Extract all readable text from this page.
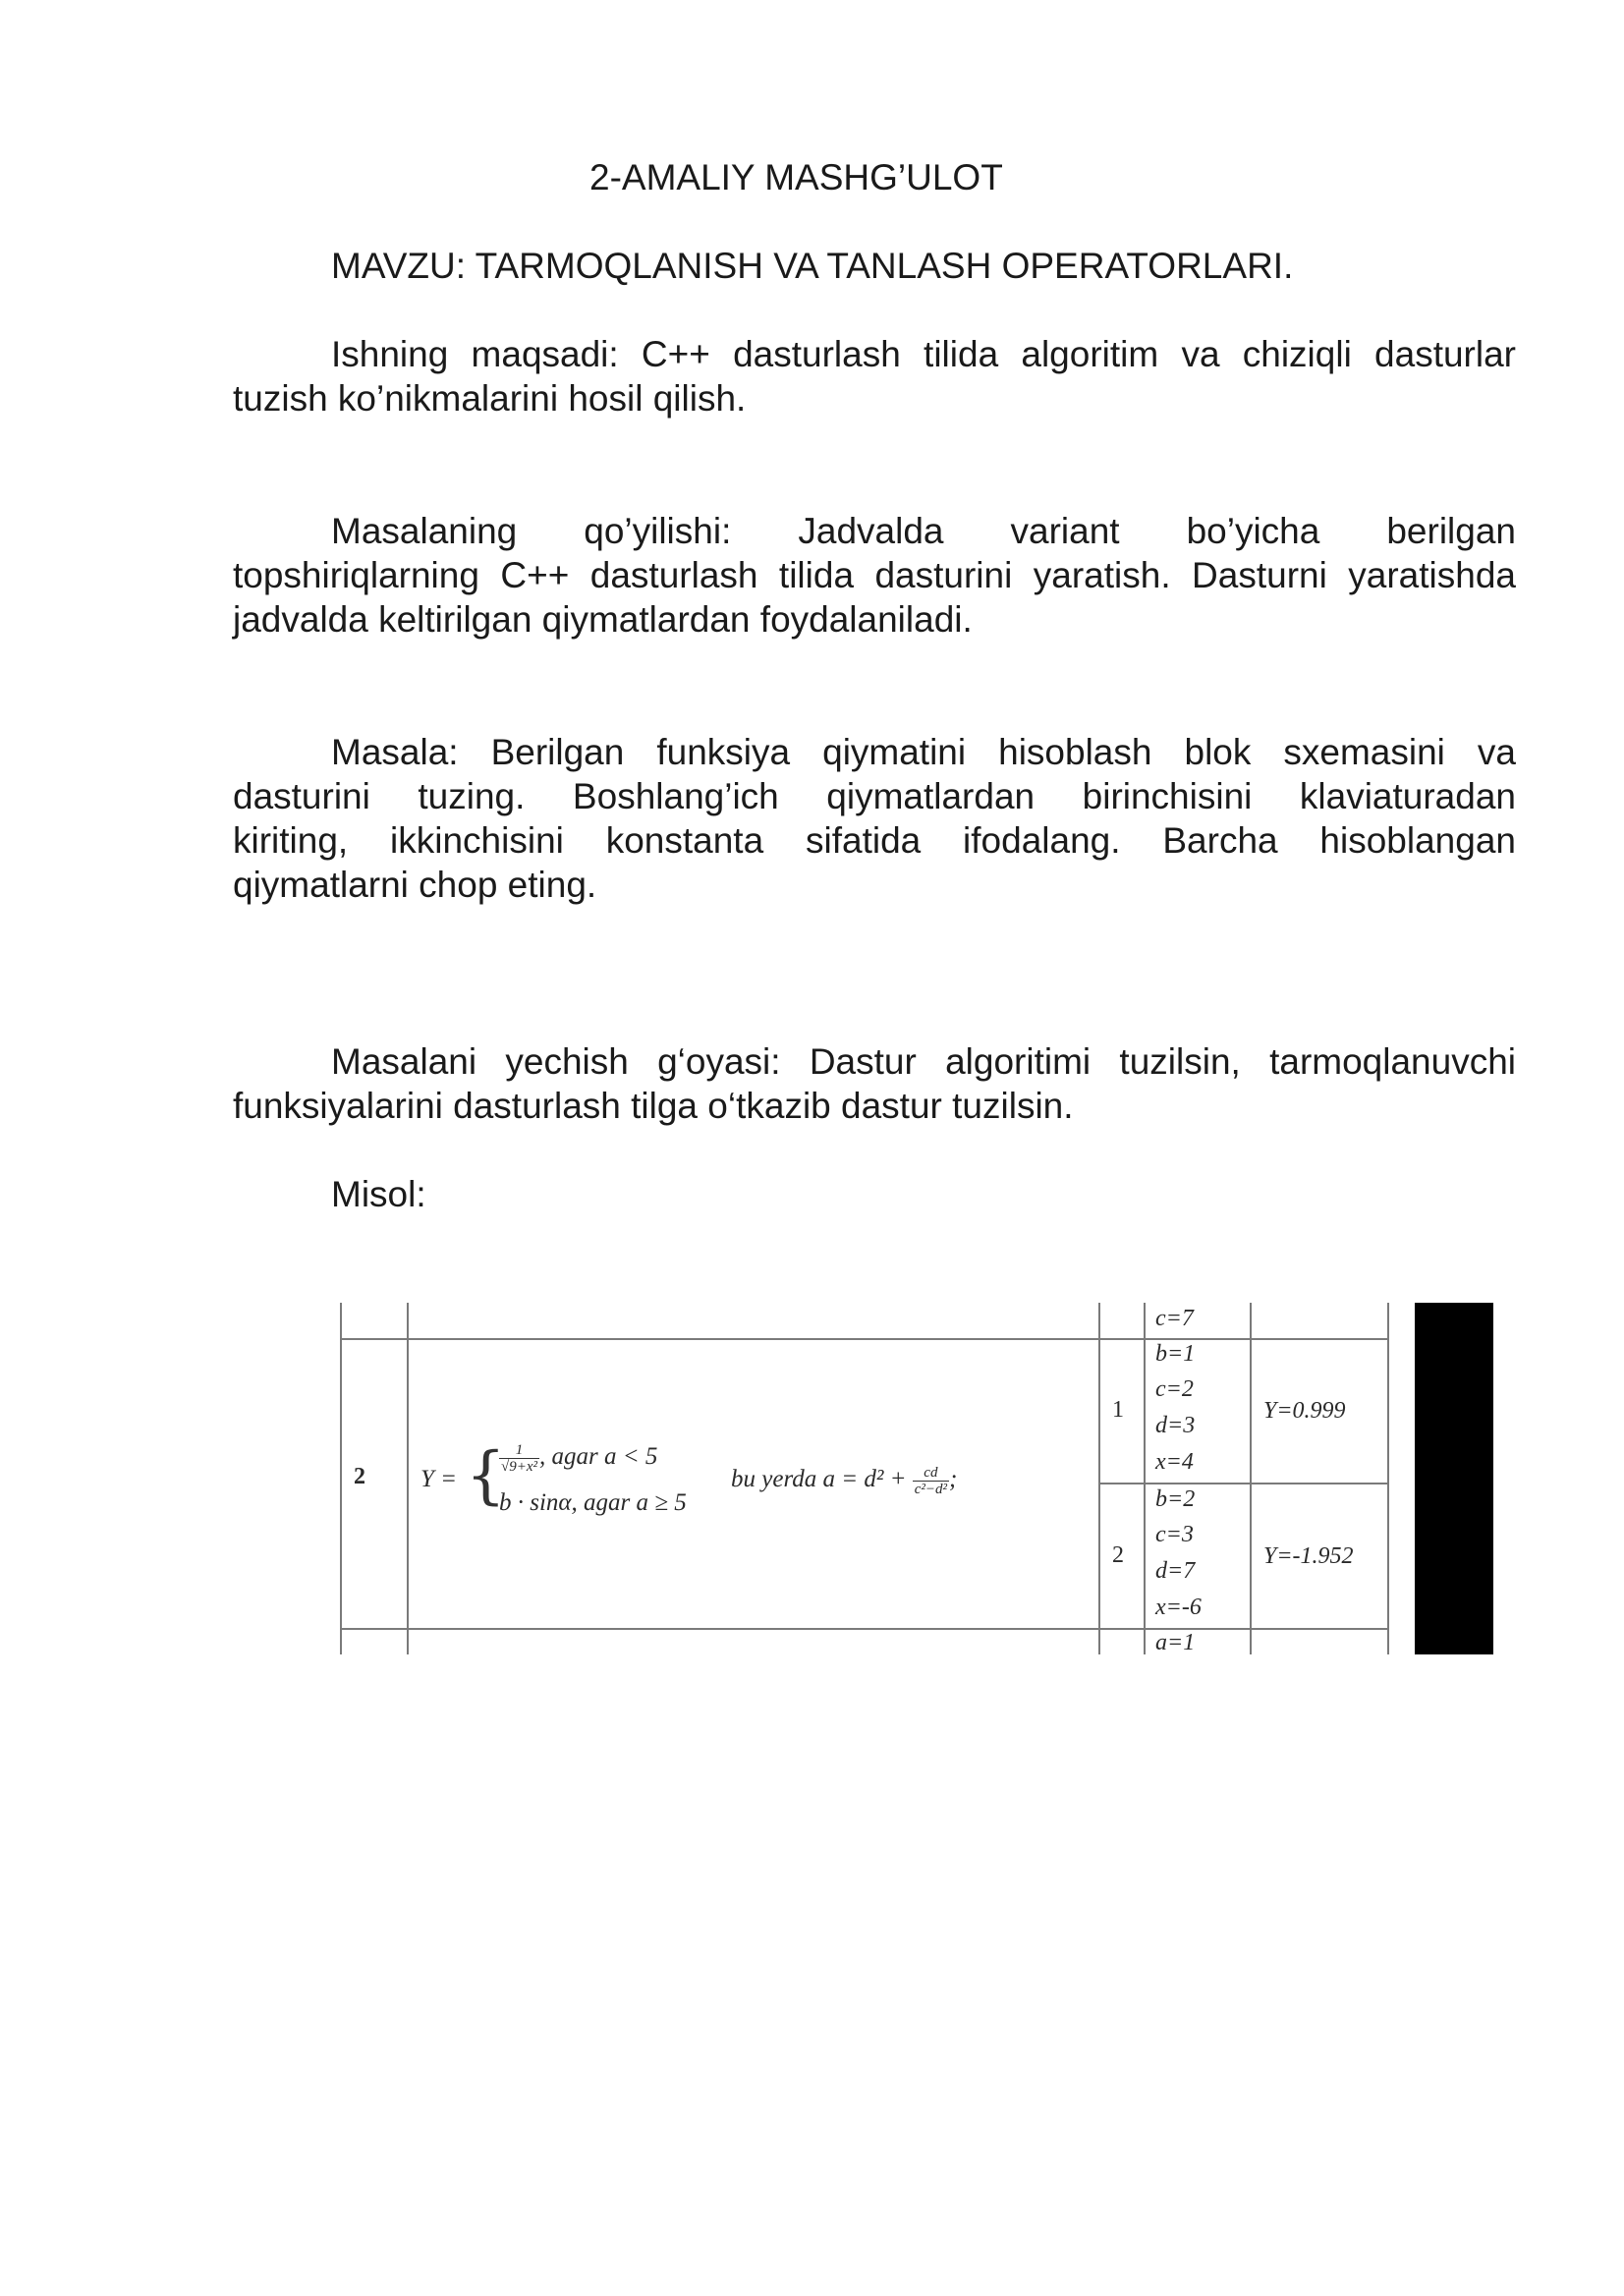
2-AMALIY MASHG’ULOT
MAVZU: TARMOQLANISH VA TANLASH OPERATORLARI.
Ishning maqsadi: C++ dasturlash tilida algoritim va chiziqli dasturlar
tuzish ko’nikmalarini hosil qilish.
Masalaning qo’yilishi: Jadvalda variant bo’yicha berilgan
topshiriqlarning C++ dasturlash tilida dasturini yaratish. Dasturni yaratishda
jadvalda keltirilgan qiymatlardan foydalaniladi.
Masala: Berilgan funksiya qiymatini hisoblash blok sxemasini va
dasturini tuzing. Boshlang’ich qiymatlardan birinchisini klaviaturadan
kiriting, ikkinchisini konstanta sifatida ifodalang. Barcha hisoblangan
qiymatlarni chop eting.
Masalani yechish g‘oyasi: Dastur algoritimi tuzilsin, tarmoqlanuvchi
funksiyalarini dasturlash tilga o‘tkazib dastur tuzilsin.
Misol:
2 Y = {
$\frac{1}{\text{√9+x²}}$ , agar a < 5
b · sinα, agar a ≥ 5
bu yerda $a = d^2 + \frac{cd}{\text{c²−d²}}$ ;
c=7
1
b=1
c=2
d=3
x=4
Y=0.999
2
b=2
c=3
d=7
x=-6
Y=-1.952
a=1
